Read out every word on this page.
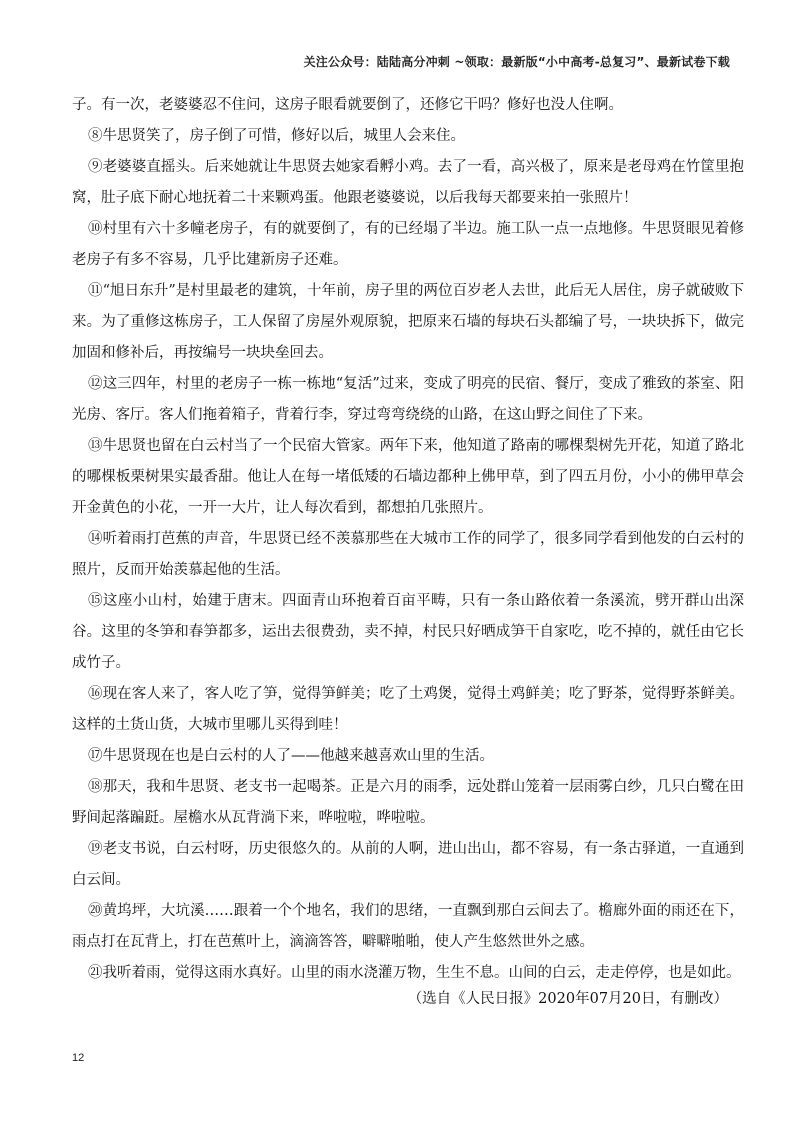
关注公众号：陆陆高分冲刺 ~领取：最新版“小中高考-总复习”、最新试卷下载

子。有一次，老婆婆忍不住问，这房子眼看就要倒了，还修它干吗？修好也没人住啊。

⑧牛思贤笑了，房子倒了可惜，修好以后，城里人会来住。

⑨老婆婆直摇头。后来她就让牛思贤去她家看孵小鸡。去了一看，高兴极了，原来是老母鸡在竹筐里抱窝，肚子底下耐心地抚着二十来颗鸡蛋。他跟老婆婆说，以后我每天都要来拍一张照片！

⑩村里有六十多幢老房子，有的就要倒了，有的已经塌了半边。施工队一点一点地修。牛思贤眼见着修老房子有多不容易，几乎比建新房子还难。

⑪“旭日东升”是村里最老的建筑，十年前，房子里的两位百岁老人去世，此后无人居住，房子就破败下来。为了重修这栋房子，工人保留了房屋外观原貌，把原来石墙的每块石头都编了号，一块块拆下，做完加固和修补后，再按编号一块块垒回去。

⑫这三四年，村里的老房子一栋一栋地“复活”过来，变成了明亮的民宿、餐厅，变成了雅致的茶室、阳光房、客厅。客人们拖着箱子，背着行李，穿过弯弯绕绕的山路，在这山野之间住了下来。

⑬牛思贤也留在白云村当了一个民宿大管家。两年下来，他知道了路南的哪棵梨树先开花，知道了路北的哪棵板栗树果实最香甜。他让人在每一堵低矮的石墙边都种上佛甲草，到了四五月份，小小的佛甲草会开金黄色的小花，一开一大片，让人每次看到，都想拍几张照片。

⑭听着雨打芭蕉的声音，牛思贤已经不羡慕那些在大城市工作的同学了，很多同学看到他发的白云村的照片，反而开始羡慕起他的生活。

⑮这座小山村，始建于唐末。四面青山环抱着百亩平畴，只有一条山路依着一条溪流，劈开群山出深谷。这里的冬笋和春笋都多，运出去很费劲，卖不掉，村民只好晒成笋干自家吃，吃不掉的，就任由它长成竹子。

⑯现在客人来了，客人吃了笋，觉得笋鲜美；吃了土鸡煲，觉得土鸡鲜美；吃了野茶，觉得野茶鲜美。这样的土货山货，大城市里哪儿买得到哇！

⑰牛思贤现在也是白云村的人了——他越来越喜欢山里的生活。

⑱那天，我和牛思贤、老支书一起喝茶。正是六月的雨季，远处群山笼着一层雨雾白纱，几只白鹭在田野间起落蹁跹。屋檐水从瓦背淌下来，哗啦啦，哗啦啦。

⑲老支书说，白云村呀，历史很悠久的。从前的人啊，进山出山，都不容易，有一条古驿道，一直通到白云间。

⑳黄坞坪，大坑溪……跟着一个个地名，我们的思绪，一直飘到那白云间去了。檐廊外面的雨还在下，雨点打在瓦背上，打在芭蕉叶上，滴滴答答，噼噼啪啪，使人产生悠然世外之感。

㉑我听着雨，觉得这雨水真好。山里的雨水浇灌万物，生生不息。山间的白云，走走停停，也是如此。

（选自《人民日报》2020年07月20日，有删改）
12
